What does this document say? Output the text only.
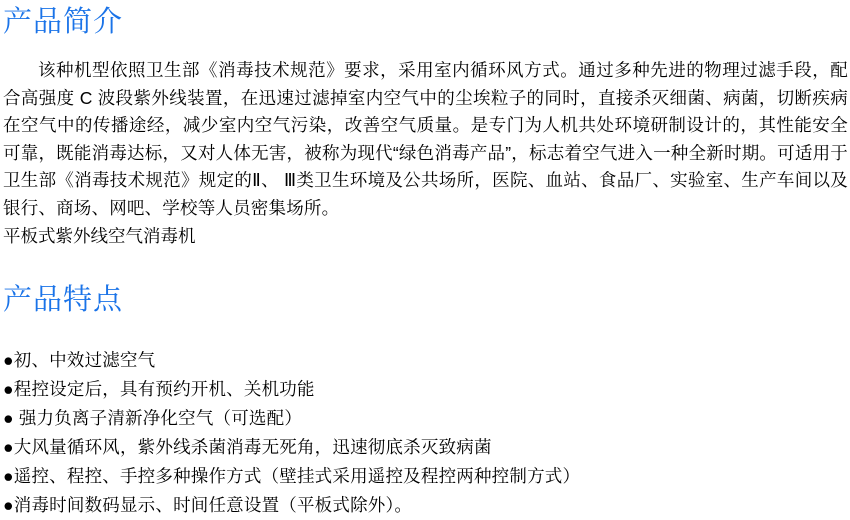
产品简介

该种机型依照卫生部《消毒技术规范》要求，采用室内循环风方式。通过多种先进的物理过滤手段，配合高强度 C 波段紫外线装置，在迅速过滤掉室内空气中的尘埃粒子的同时，直接杀灭细菌、病菌，切断疾病在空气中的传播途经，减少室内空气污染，改善空气质量。是专门为人机共处环境研制设计的，其性能安全可靠，既能消毒达标，又对人体无害，被称为现代“绿色消毒产品”，标志着空气进入一种全新时期。可适用于卫生部《消毒技术规范》规定的Ⅱ、 Ⅲ类卫生环境及公共场所，医院、血站、食品厂、实验室、生产车间以及银行、商场、网吧、学校等人员密集场所。

平板式紫外线空气消毒机

产品特点
●初、中效过滤空气
●程控设定后，具有预约开机、关机功能
● 强力负离子清新净化空气（可选配）
●大风量循环风，紫外线杀菌消毒无死角，迅速彻底杀灭致病菌
●遥控、程控、手控多种操作方式（壁挂式采用遥控及程控两种控制方式）
●消毒时间数码显示、时间任意设置（平板式除外）。
